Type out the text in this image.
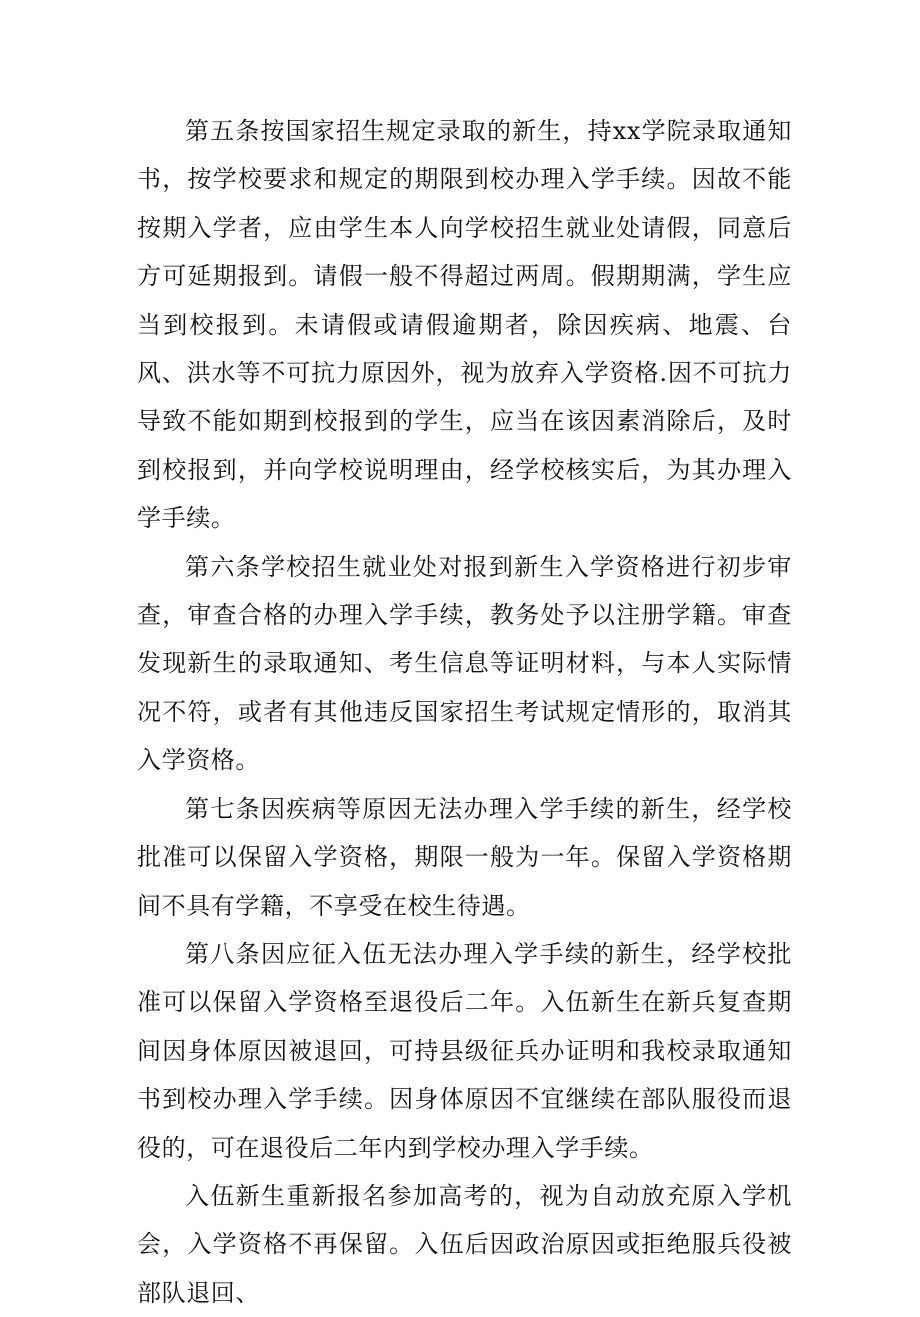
第五条按国家招生规定录取的新生，持xx学院录取通知书，按学校要求和规定的期限到校办理入学手续。因故不能按期入学者，应由学生本人向学校招生就业处请假，同意后方可延期报到。请假一般不得超过两周。假期期满，学生应当到校报到。未请假或请假逾期者，除因疾病、地震、台风、洪水等不可抗力原因外，视为放弃入学资格.因不可抗力导致不能如期到校报到的学生，应当在该因素消除后，及时到校报到，并向学校说明理由，经学校核实后，为其办理入学手续。

第六条学校招生就业处对报到新生入学资格进行初步审查，审查合格的办理入学手续，教务处予以注册学籍。审查发现新生的录取通知、考生信息等证明材料，与本人实际情况不符，或者有其他违反国家招生考试规定情形的，取消其入学资格。

第七条因疾病等原因无法办理入学手续的新生，经学校批准可以保留入学资格，期限一般为一年。保留入学资格期间不具有学籍，不享受在校生待遇。

第八条因应征入伍无法办理入学手续的新生，经学校批准可以保留入学资格至退役后二年。入伍新生在新兵复查期间因身体原因被退回，可持县级征兵办证明和我校录取通知书到校办理入学手续。因身体原因不宜继续在部队服役而退役的，可在退役后二年内到学校办理入学手续。

入伍新生重新报名参加高考的，视为自动放充原入学机会，入学资格不再保留。入伍后因政治原因或拒绝服兵役被部队退回、
